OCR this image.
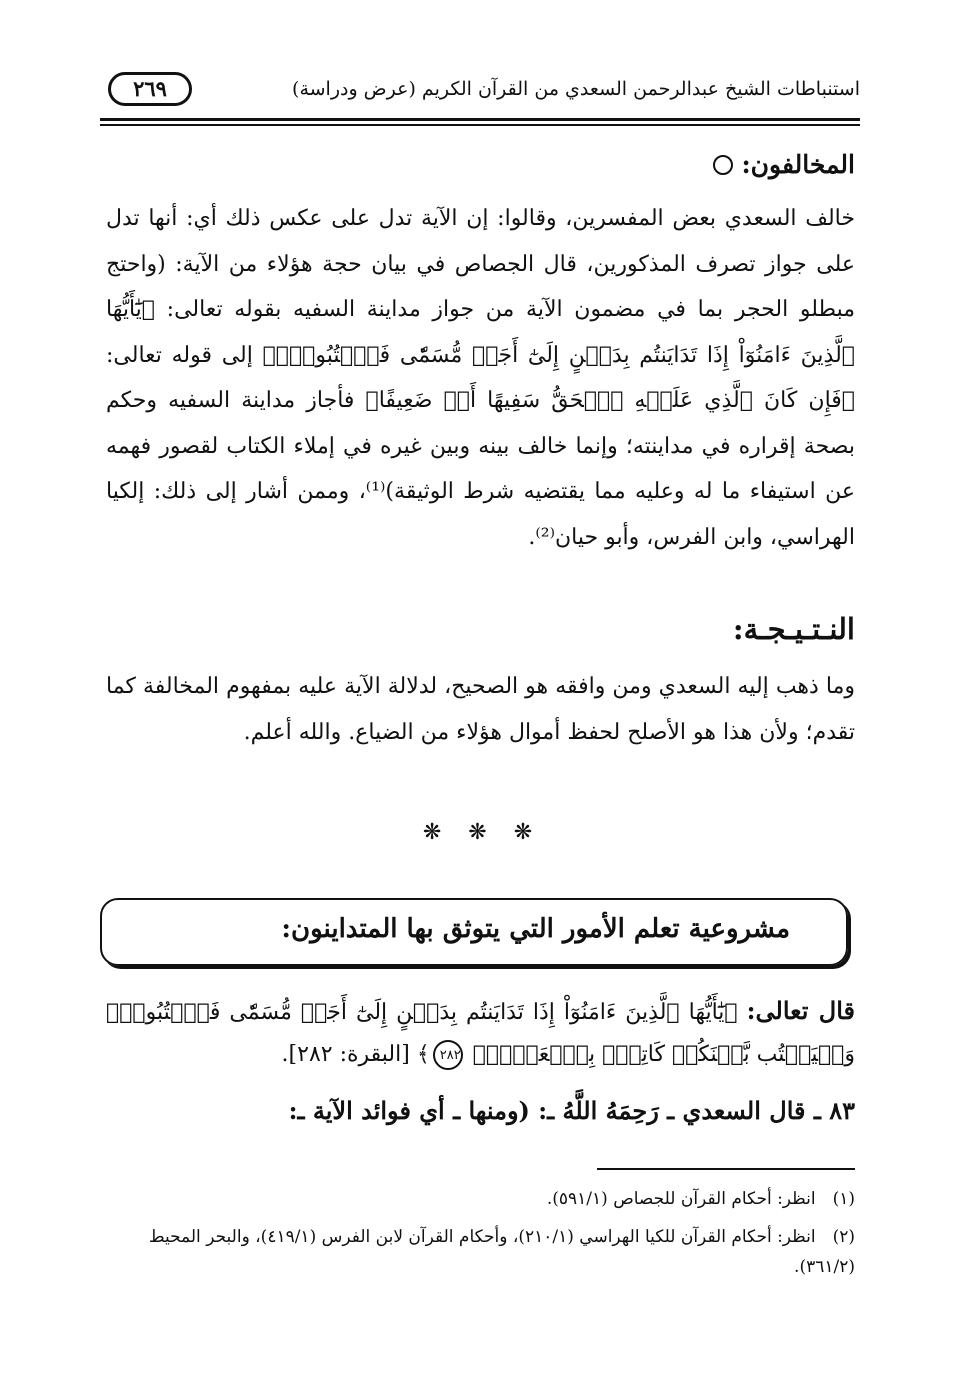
استنباطات الشيخ عبدالرحمن السعدي من القرآن الكريم (عرض ودراسة)
٢٦٩
المخالفون:
خالف السعدي بعض المفسرين، وقالوا: إن الآية تدل على عكس ذلك أي: أنها تدل على جواز تصرف المذكورين، قال الجصاص في بيان حجة هؤلاء من الآية: (واحتج مبطلو الحجر بما في مضمون الآية من جواز مداينة السفيه بقوله تعالى: ﴿يَٰٓأَيُّهَا ٱلَّذِينَ ءَامَنُوٓاْ إِذَا تَدَايَنتُم بِدَيۡنٍ إِلَىٰٓ أَجَلٖ مُّسَمّٗى فَٱكۡتُبُوهُۚ﴾ إلى قوله تعالى: ﴿فَإِن كَانَ ٱلَّذِي عَلَيۡهِ ٱلۡحَقُّ سَفِيهًا أَوۡ ضَعِيفًا﴾ فأجاز مداينة السفيه وحكم بصحة إقراره في مداينته؛ وإنما خالف بينه وبين غيره في إملاء الكتاب لقصور فهمه عن استيفاء ما له وعليه مما يقتضيه شرط الوثيقة)⁽¹⁾، وممن أشار إلى ذلك: إلكيا الهراسي، وابن الفرس، وأبو حيان⁽²⁾.
النـتـيـجـة:
وما ذهب إليه السعدي ومن وافقه هو الصحيح، لدلالة الآية عليه بمفهوم المخالفة كما تقدم؛ ولأن هذا هو الأصلح لحفظ أموال هؤلاء من الضياع. والله أعلم.
❋ ❋ ❋
مشروعية تعلم الأمور التي يتوثق بها المتداينون:
قال تعالى: ﴿يَٰٓأَيُّهَا ٱلَّذِينَ ءَامَنُوٓاْ إِذَا تَدَايَنتُم بِدَيۡنٍ إِلَىٰٓ أَجَلٖ مُّسَمّٗى فَٱكۡتُبُوهُۚ وَلۡيَكۡتُب بَّيۡنَكُمۡ كَاتِبُۢ بِٱلۡعَدۡلِۚ ٢٨٢﴾ [البقرة: ٢٨٢].
٨٣ ـ قال السعدي ـ رَحِمَهُ اللَّهُ ـ: (ومنها ـ أي فوائد الآية ـ:
(١) انظر: أحكام القرآن للجصاص (٥٩١/١).
(٢) انظر: أحكام القرآن للكيا الهراسي (٢١٠/١)، وأحكام القرآن لابن الفرس (٤١٩/١)، والبحر المحيط (٣٦١/٢).
